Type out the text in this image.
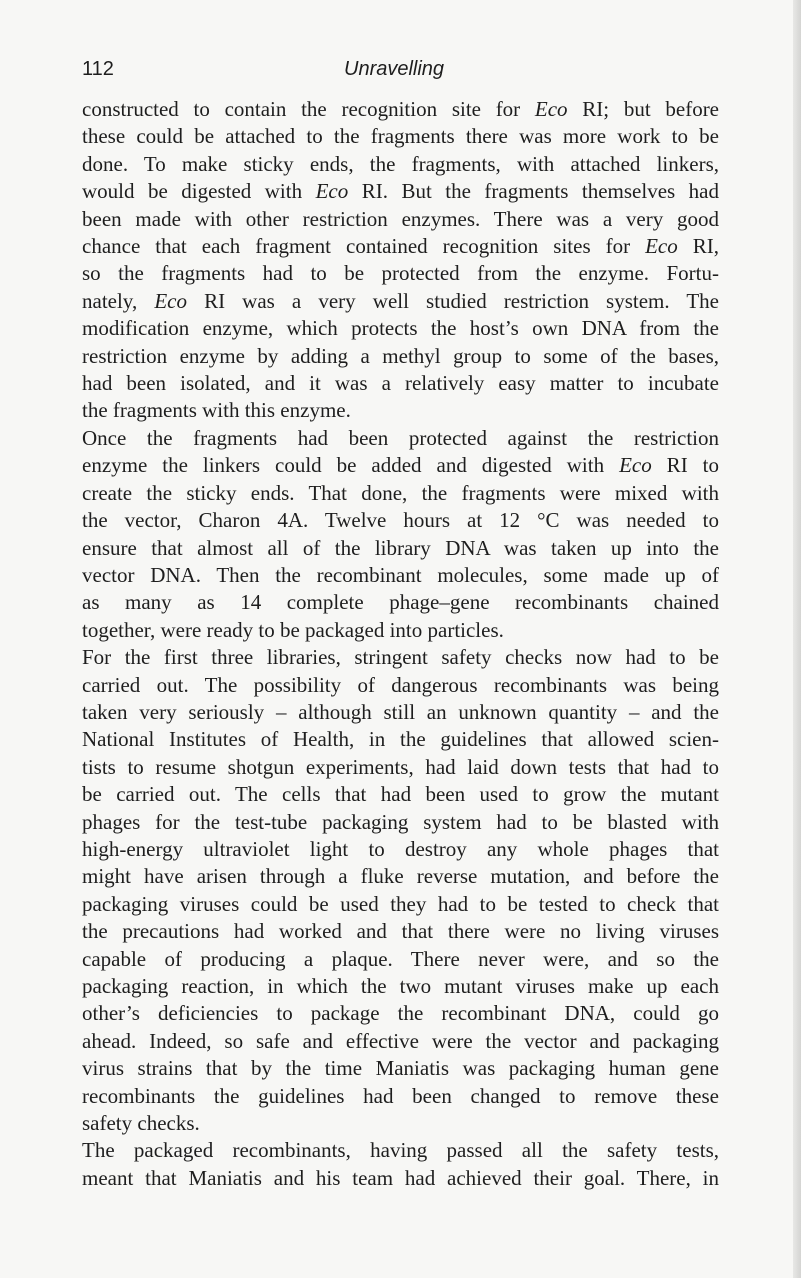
112	Unravelling
constructed to contain the recognition site for Eco RI; but before
these could be attached to the fragments there was more work to be
done. To make sticky ends, the fragments, with attached linkers,
would be digested with Eco RI. But the fragments themselves had
been made with other restriction enzymes. There was a very good
chance that each fragment contained recognition sites for Eco RI,
so the fragments had to be protected from the enzyme. Fortu-
nately, Eco RI was a very well studied restriction system. The
modification enzyme, which protects the host’s own DNA from the
restriction enzyme by adding a methyl group to some of the bases,
had been isolated, and it was a relatively easy matter to incubate
the fragments with this enzyme.
Once the fragments had been protected against the restriction
enzyme the linkers could be added and digested with Eco RI to
create the sticky ends. That done, the fragments were mixed with
the vector, Charon 4A. Twelve hours at 12 °C was needed to
ensure that almost all of the library DNA was taken up into the
vector DNA. Then the recombinant molecules, some made up of
as many as 14 complete phage–gene recombinants chained
together, were ready to be packaged into particles.
For the first three libraries, stringent safety checks now had to be
carried out. The possibility of dangerous recombinants was being
taken very seriously – although still an unknown quantity – and the
National Institutes of Health, in the guidelines that allowed scien-
tists to resume shotgun experiments, had laid down tests that had to
be carried out. The cells that had been used to grow the mutant
phages for the test-tube packaging system had to be blasted with
high-energy ultraviolet light to destroy any whole phages that
might have arisen through a fluke reverse mutation, and before the
packaging viruses could be used they had to be tested to check that
the precautions had worked and that there were no living viruses
capable of producing a plaque. There never were, and so the
packaging reaction, in which the two mutant viruses make up each
other’s deficiencies to package the recombinant DNA, could go
ahead. Indeed, so safe and effective were the vector and packaging
virus strains that by the time Maniatis was packaging human gene
recombinants the guidelines had been changed to remove these
safety checks.
The packaged recombinants, having passed all the safety tests,
meant that Maniatis and his team had achieved their goal. There, in
